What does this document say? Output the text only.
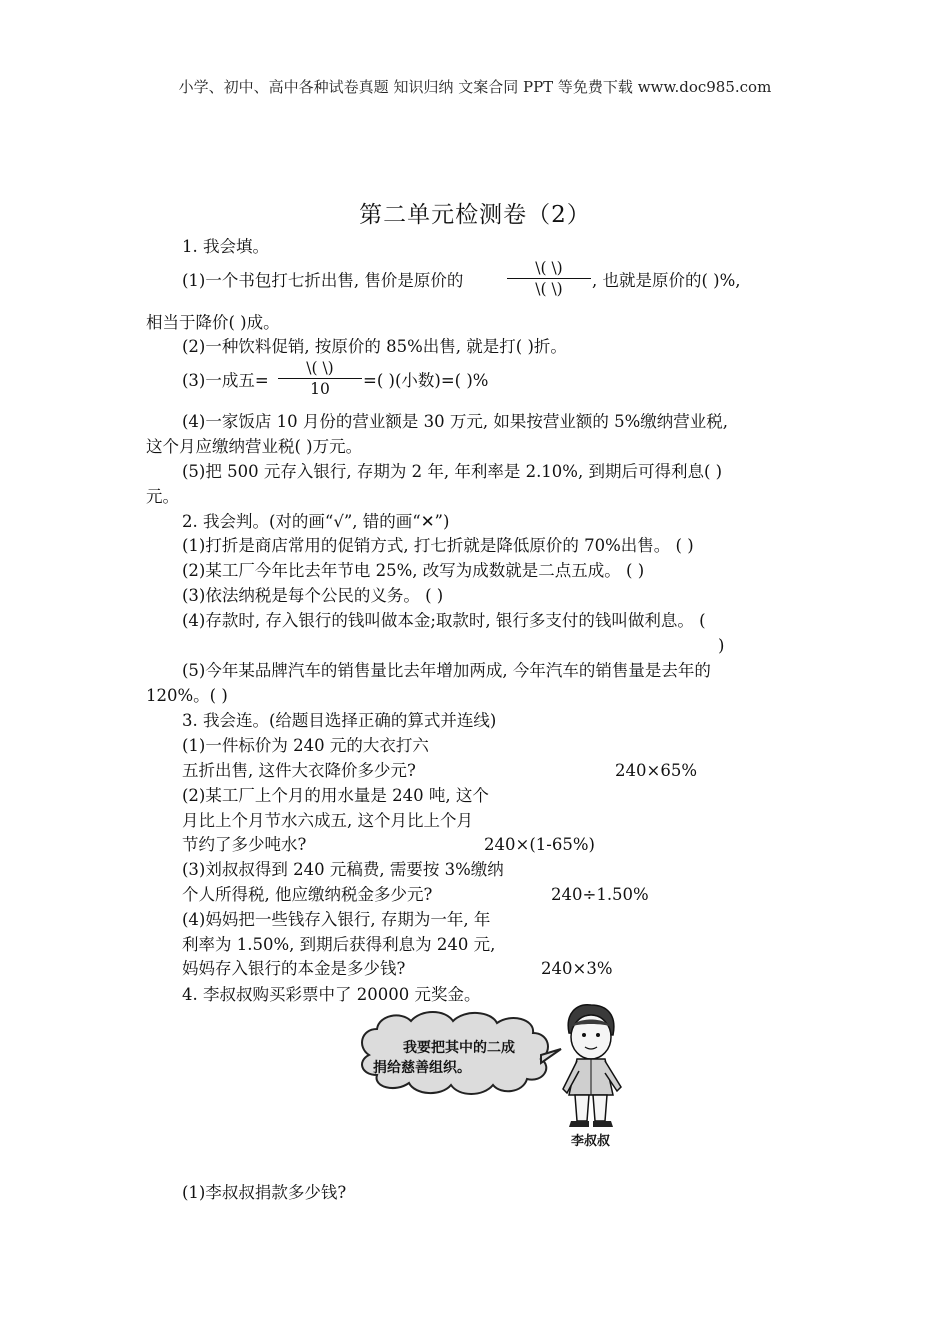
小学、初中、高中各种试卷真题 知识归纳 文案合同 PPT 等免费下载 www.doc985.com
第二单元检测卷（2）
1. 我会填。
(1)一个书包打七折出售, 售价是原价的
\( \)
\( \)	, 也就是原价的( )%,
相当于降价( )成。
(2)一种饮料促销, 按原价的 85%出售, 就是打( )折。
(3)一成五=
\( \)
10	=( )(小数)=( )%
(4)一家饭店 10 月份的营业额是 30 万元, 如果按营业额的 5%缴纳营业税,
这个月应缴纳营业税( )万元。
(5)把 500 元存入银行, 存期为 2 年, 年利率是 2.10%, 到期后可得利息( )
元。
2. 我会判。(对的画“√”, 错的画“✕”)
(1)打折是商店常用的促销方式, 打七折就是降低原价的 70%出售。 ( )
(2)某工厂今年比去年节电 25%, 改写为成数就是二点五成。 ( )
(3)依法纳税是每个公民的义务。 ( )
(4)存款时, 存入银行的钱叫做本金;取款时, 银行多支付的钱叫做利息。 (
)
(5)今年某品牌汽车的销售量比去年增加两成, 今年汽车的销售量是去年的
120%。( )
3. 我会连。(给题目选择正确的算式并连线)
(1)一件标价为 240 元的大衣打六
五折出售, 这件大衣降价多少元?	240×65%
(2)某工厂上个月的用水量是 240 吨, 这个
月比上个月节水六成五, 这个月比上个月
节约了多少吨水?	240×(1-65%)
(3)刘叔叔得到 240 元稿费, 需要按 3%缴纳
个人所得税, 他应缴纳税金多少元?	240÷1.50%
(4)妈妈把一些钱存入银行, 存期为一年, 年
利率为 1.50%, 到期后获得利息为 240 元,
妈妈存入银行的本金是多少钱?	240×3%
4. 李叔叔购买彩票中了 20000 元奖金。
我要把其中的二成
捐给慈善组织。
李叔叔
(1)李叔叔捐款多少钱?
